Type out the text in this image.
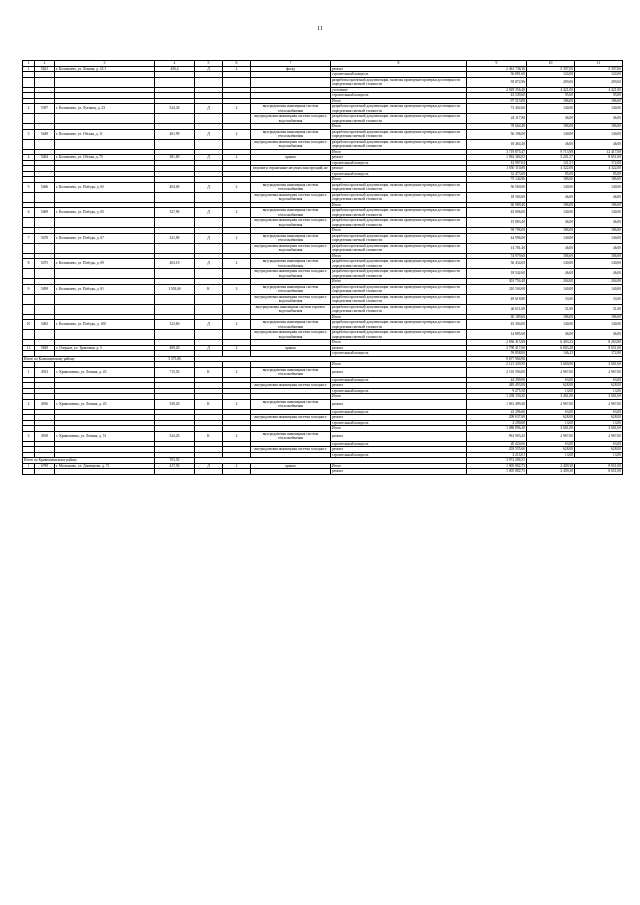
11
1	2	3	4	5	6	7	8	9	10	11
1	5621	г. Колпашево, ул. Ленина, д. 41/1	456,4	Д	2	фасад	ремонт	2 461 738,30	5 397,00	5 397,00
							строительный контроль	56 881,60	124,00	124,00
							разработка проектной документации, включая проведение проверки достоверности определения сметной стоимости	95 872,96	209,00	209,00
							утепление	2 029 356,40	4 421,00	4 421,00
							строительный контроль	43 549,60	95,00	95,00
							Итого	97 519,80	186,00	186,00
2	5397	г. Колпашево, ул. Лугинец, д. 33	524,30	Д	2	внутридомовая инженерная система теплоснабжения	разработка проектной документации, включая проведение проверки достоверности определения сметной стоимости	73 402,60	140,00	140,00
						внутридомовая инженерная система холодного водоснабжения	разработка проектной документации, включая проведение проверки достоверности определения сметной стоимости	24 117,80	46,00	46,00
							Итого	78 664,40	186,00	186,00
3	5449	г. Колпашево, ул. Обская, д. 11	401,99	Д	2	внутридомовая инженерная система теплоснабжения	разработка проектной документации, включая проведение проверки достоверности определения сметной стоимости	56 196,00	140,00	140,00
						внутридомовая инженерная система холодного водоснабжения	разработка проектной документации, включая проведение проверки достоверности определения сметной стоимости	18 464,40	46,00	46,00
							Итого	3 719 875,47	9 713,98	12 417,00
4	5464	г. Колпашево, ул. Обская, д. 75	381,80	Д	2	крыша	ремонт	1 963 384,03	5 201,57	8 651,00
							строительный контроль	42 907,04	121,51	172,00
						ведение и отраженные несущих конструкций, не	ремонт	1 650 110,80	4 322,00	4 322,00
							строительный контроль	32 473,60	85,00	85,00
							Итого	75 144,96	186,00	186,00
5	5466	г. Колпашево, ул. Победы, д. 65	404,00	Д	2	внутридомовая инженерная система теплоснабжения	разработка проектной документации, включая проведение проверки достоверности определения сметной стоимости	56 560,00	140,00	140,00
						внутридомовая инженерная система холодного водоснабжения	разработка проектной документации, включая проведение проверки достоверности определения сметной стоимости	18 584,00	46,00	46,00
							Итого	60 989,40	186,00	186,00
6	5469	г. Колпашево, ул. Победы, д. 65	327,90	Д	2	внутридомовая инженерная система теплоснабжения	разработка проектной документации, включая проведение проверки достоверности определения сметной стоимости	45 906,00	140,00	140,00
						внутридомовая инженерная система холодного водоснабжения	разработка проектной документации, включая проведение проверки достоверности определения сметной стоимости	15 083,40	46,00	46,00
							Итого	59 796,00	186,00	186,00
7	5470	г. Колпашево, ул. Победы, д. 67	321,90	Д	2	внутридомовая инженерная система теплоснабжения	разработка проектной документации, включая проведение проверки достоверности определения сметной стоимости	44 996,00	140,00	140,00
						внутридомовая инженерная система холодного водоснабжения	разработка проектной документации, включая проведение проверки достоверности определения сметной стоимости	14 781,40	46,00	46,00
							Итого	74 979,60	186,00	186,00
8	5475	г. Колпашево, ул. Победы, д. 69	403,10	Д	2	внутридомовая инженерная система теплоснабжения	разработка проектной документации, включая проведение проверки достоверности определения сметной стоимости	56 434,00	140,00	140,00
						внутридомовая инженерная система холодного водоснабжения	разработка проектной документации, включая проведение проверки достоверности определения сметной стоимости	18 542,60	46,00	46,00
							Итого	301 754,40	204,00	204,00
9	5499	г. Колпашево, ул. Победы, д. 81	1 503,60	К	3	внутридомовая инженерная система теплоснабжения	разработка проектной документации, включая проведение проверки достоверности определения сметной стоимости	210 504,00	140,00	140,00
						внутридомовая инженерная система холодного водоснабжения	разработка проектной документации, включая проведение проверки достоверности определения сметной стоимости	49 618,80	33,00	33,00
						внутридомовая инженерная система горячего водоснабжения	разработка проектной документации, включая проведение проверки достоверности определения сметной стоимости	46 611,60	31,00	31,00
							Итого	60 189,60	186,00	186,00
10	5482	г. Колпашево, ул. Победы, д. 100	323,60	Д	2	внутридомовая инженерная система теплоснабжения	разработка проектной документации, включая проведение проверки достоверности определения сметной стоимости	45 304,00	140,00	140,00
						внутридомовая инженерная система холодного водоснабжения	разработка проектной документации, включая проведение проверки достоверности определения сметной стоимости	14 885,60	46,00	46,00
							Итого	2 856 415,60	6 403,22	8 263,00
11	5829	с. Озерное, ул. Трактовая, д. 5	409,20	Д	2	крыша	ремонт	2 790 417,60	6 803,28	8 651,00
							строительный контроль	59 858,00	146,23	172,00
Итого по Колпашевскому району			5 375,80					9 677 984,96		
							Итого	2 121 329,50	3 660,00	3 661,00
1	4913	с. Кривошеино, ул. Ленина, д. 43	715,50	К	2	внутридомовая инженерная система теплоснабжения	ремонт	2 110 594,00	2 967,00	2 967,00
							строительный контроль	44 390,00	63,00	63,00
						внутридомовая инженерная система холодного	ремонт	449 493,00	628,00	628,00
							строительный контроль	9 275,50	13,00	13,00
							Итого	1 238 150,20	3 461,00	3 661,00
2	4916	с. Кривошеино, ул. Ленина, д. 43	358,20	К	2	внутридомовая инженерная система теплоснабжения	ремонт	1 061 489,40	2 967,00	2 967,00
							строительный контроль	22 296,60	63,00	63,00
						внутридомовая инженерная система холодного	ремонт	209 037,60	628,00	628,00
							строительный контроль	4 290,60	13,00	13,00
							Итого	1 086 896,20	3 661,00	3 661,00
3	4918	с. Кривошеино, ул. Ленина, д. 51	324,29	К	2	внутридомовая инженерная система теплоснабжения	ремонт	961 903,43	2 967,00	2 967,00
							строительный контроль	20 424,66	63,00	63,00
						внутридомовая инженерная система холодного	ремонт	203 555,60	628,00	628,00
							строительный контроль	4 216,01	13,00	13,00
Итого по Кривошеинскому району			703,50					3 972 286,55		
1	6789	г. Молчаново, ул. Димитрова, д. 73	417,50	Д	2	крыша	Итого	1 005 882,75	2 409,30	8 651,00
							ремонт	1 005 882,75	2 409,30	8 651,00
